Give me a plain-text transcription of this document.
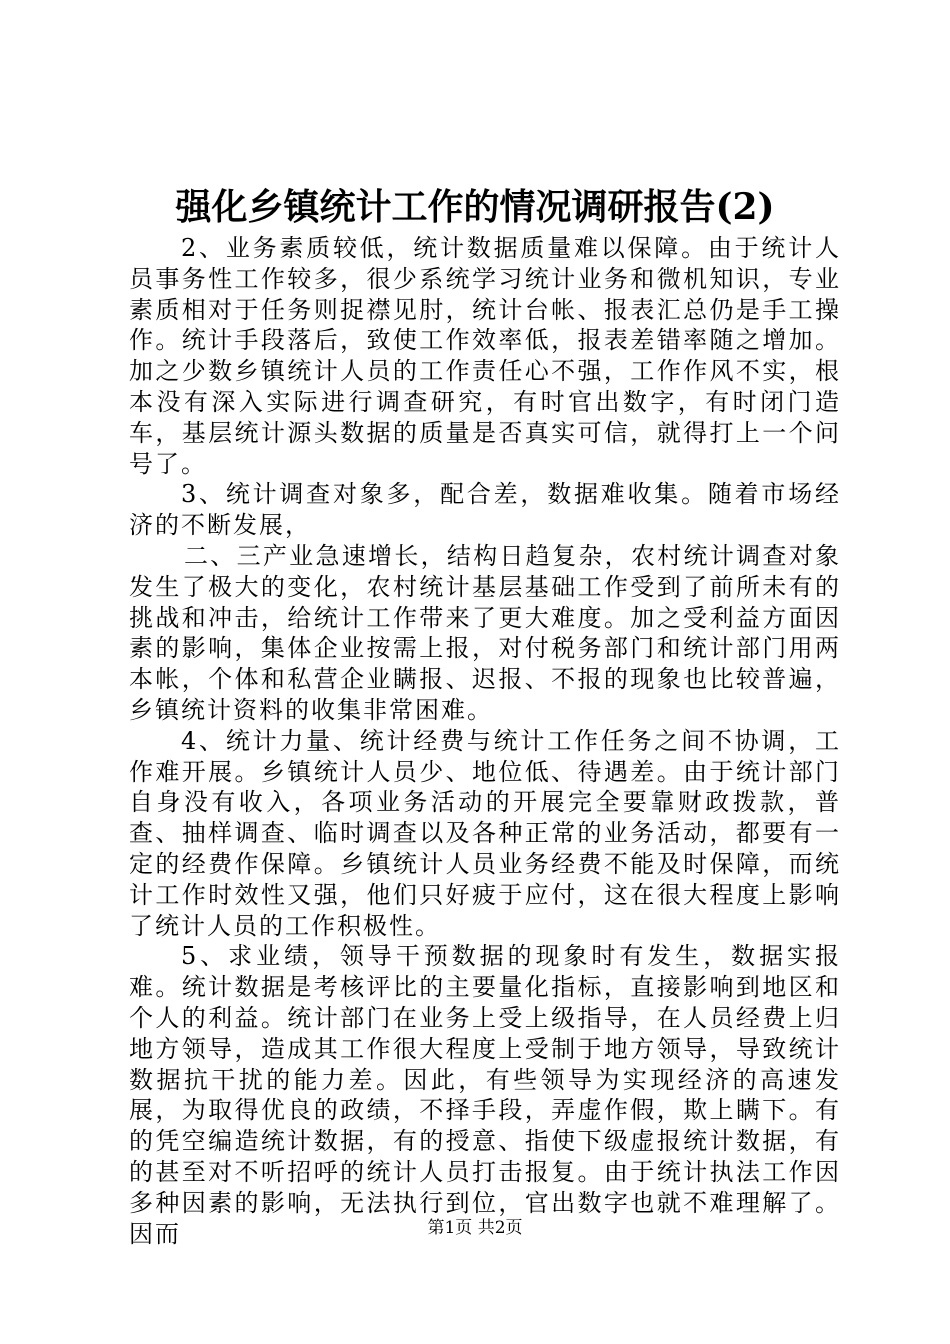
强化乡镇统计工作的情况调研报告(2)

2、业务素质较低，统计数据质量难以保障。由于统计人员事务性工作较多，很少系统学习统计业务和微机知识，专业素质相对于任务则捉襟见肘，统计台帐、报表汇总仍是手工操作。统计手段落后，致使工作效率低，报表差错率随之增加。加之少数乡镇统计人员的工作责任心不强，工作作风不实，根本没有深入实际进行调查研究，有时官出数字，有时闭门造车，基层统计源头数据的质量是否真实可信，就得打上一个问号了。

3、统计调查对象多，配合差，数据难收集。随着市场经济的不断发展，

二、三产业急速增长，结构日趋复杂，农村统计调查对象发生了极大的变化，农村统计基层基础工作受到了前所未有的挑战和冲击，给统计工作带来了更大难度。加之受利益方面因素的影响，集体企业按需上报，对付税务部门和统计部门用两本帐，个体和私营企业瞒报、迟报、不报的现象也比较普遍，乡镇统计资料的收集非常困难。

4、统计力量、统计经费与统计工作任务之间不协调，工作难开展。乡镇统计人员少、地位低、待遇差。由于统计部门自身没有收入，各项业务活动的开展完全要靠财政拨款，普查、抽样调查、临时调查以及各种正常的业务活动，都要有一定的经费作保障。乡镇统计人员业务经费不能及时保障，而统计工作时效性又强，他们只好疲于应付，这在很大程度上影响了统计人员的工作积极性。

5、求业绩，领导干预数据的现象时有发生，数据实报难。统计数据是考核评比的主要量化指标，直接影响到地区和个人的利益。统计部门在业务上受上级指导，在人员经费上归地方领导，造成其工作很大程度上受制于地方领导，导致统计数据抗干扰的能力差。因此，有些领导为实现经济的高速发展，为取得优良的政绩，不择手段，弄虚作假，欺上瞒下。有的凭空编造统计数据，有的授意、指使下级虚报统计数据，有的甚至对不听招呼的统计人员打击报复。由于统计执法工作因多种因素的影响，无法执行到位，官出数字也就不难理解了。因而	第1页 共2页
